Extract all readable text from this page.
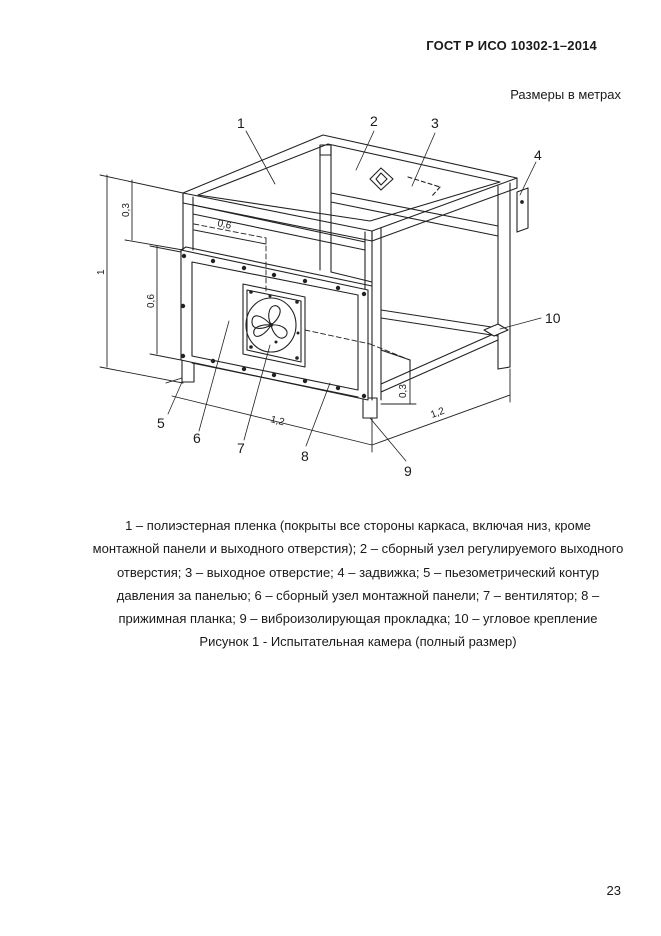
ГОСТ Р ИСО 10302-1–2014
Размеры в метрах
1	2	3
4
10
5
6
7	8
9
1
0,3
0,6
0,6
0,3
1,2
1,2

1 – полиэстерная пленка (покрыты все стороны каркаса, включая низ, кроме монтажной панели и выходного отверстия); 2 – сборный узел регулируемого выходного отверстия; 3 – выходное отверстие; 4 – задвижка; 5 – пьезометрический контур давления за панелью; 6 – сборный узел монтажной панели; 7 – вентилятор; 8 – прижимная планка; 9 – виброизолирующая прокладка; 10 – угловое крепление

Рисунок 1 - Испытательная камера (полный размер)

23
